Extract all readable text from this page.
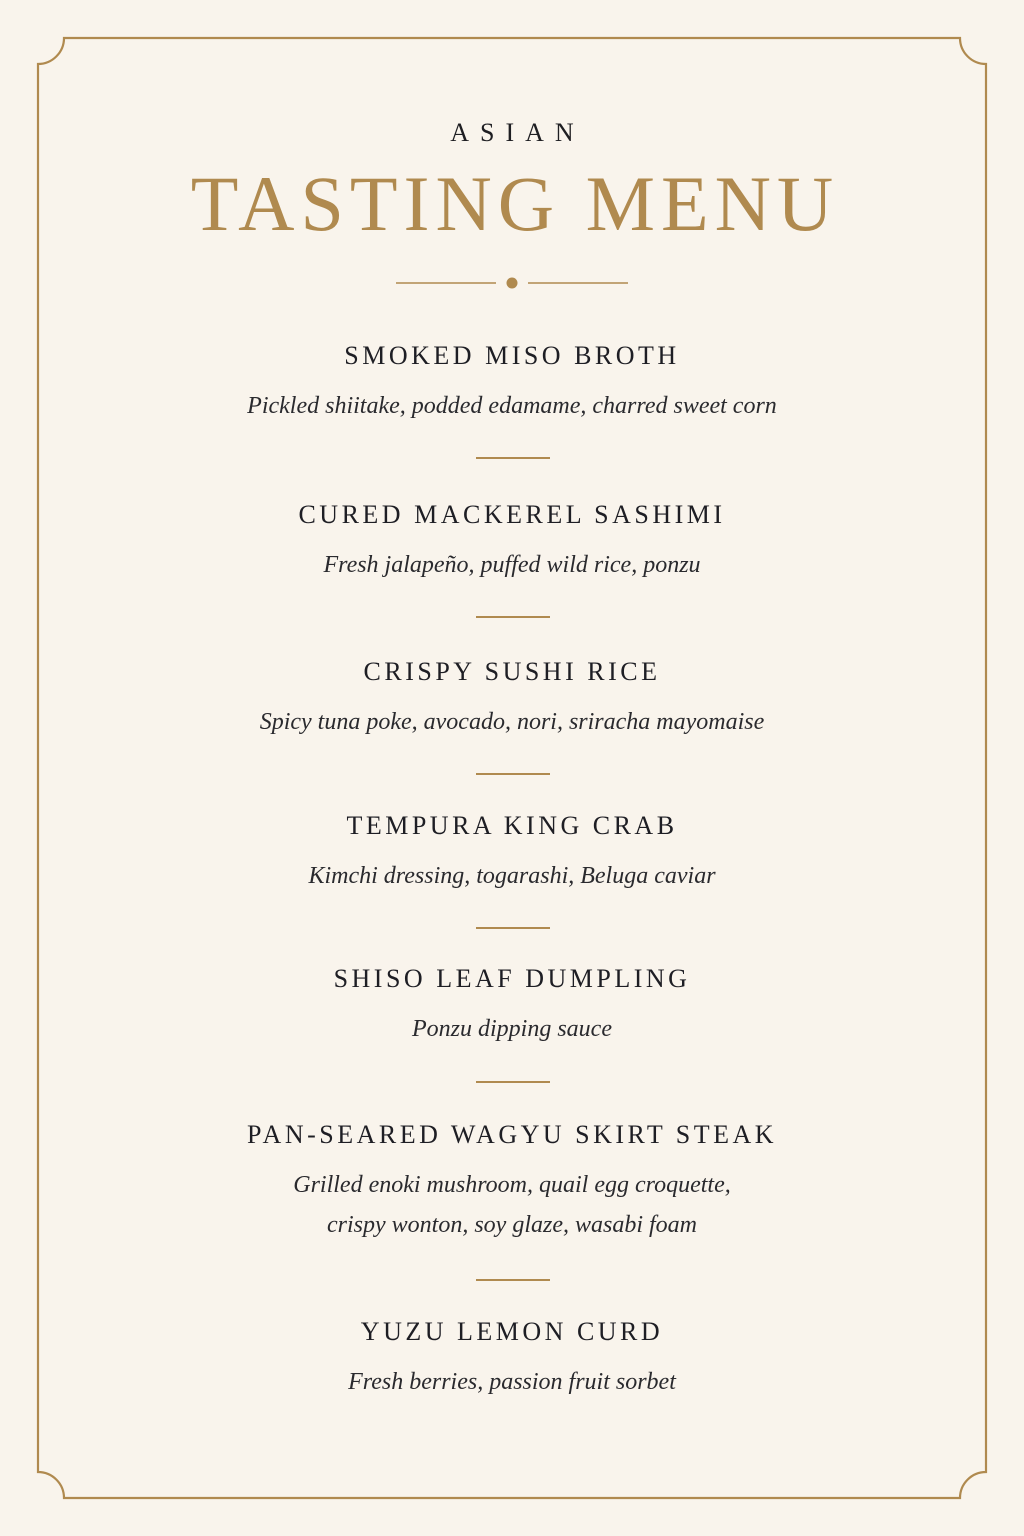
ASIAN
TASTING MENU

SMOKED MISO BROTH

Pickled shiitake, podded edamame, charred sweet corn

CURED MACKEREL SASHIMI

Fresh jalapeño, puffed wild rice, ponzu

CRISPY SUSHI RICE

Spicy tuna poke, avocado, nori, sriracha mayomaise

TEMPURA KING CRAB

Kimchi dressing, togarashi, Beluga caviar

SHISO LEAF DUMPLING

Ponzu dipping sauce

PAN-SEARED WAGYU SKIRT STEAK

Grilled enoki mushroom, quail egg croquette,
crispy wonton, soy glaze, wasabi foam

YUZU LEMON CURD

Fresh berries, passion fruit sorbet
